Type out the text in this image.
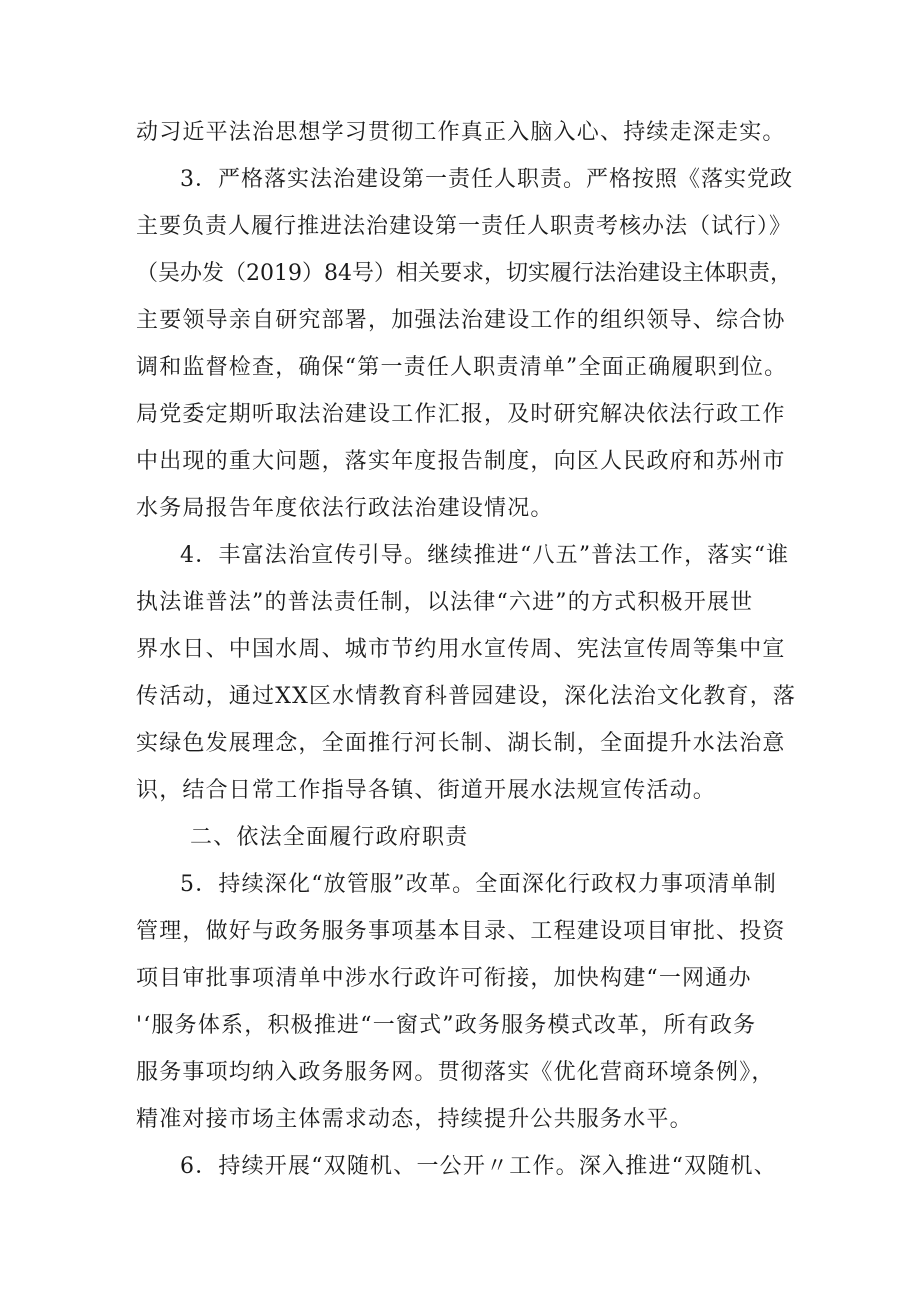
动习近平法治思想学习贯彻工作真正入脑入心、持续走深走实。
3．严格落实法治建设第一责任人职责。严格按照《落实党政
主要负责人履行推进法治建设第一责任人职责考核办法（试行）》
（吴办发（2019）84号）相关要求，切实履行法治建设主体职责，
主要领导亲自研究部署，加强法治建设工作的组织领导、综合协
调和监督检查，确保“第一责任人职责清单”全面正确履职到位。
局党委定期听取法治建设工作汇报，及时研究解决依法行政工作
中出现的重大问题，落实年度报告制度，向区人民政府和苏州市
水务局报告年度依法行政法治建设情况。
4．丰富法治宣传引导。继续推进“八五”普法工作，落实“谁
执法谁普法”的普法责任制，以法律“六进”的方式积极开展世
界水日、中国水周、城市节约用水宣传周、宪法宣传周等集中宣
传活动，通过XX区水情教育科普园建设，深化法治文化教育，落
实绿色发展理念，全面推行河长制、湖长制，全面提升水法治意
识，结合日常工作指导各镇、街道开展水法规宣传活动。
二、依法全面履行政府职责
5．持续深化“放管服”改革。全面深化行政权力事项清单制
管理，做好与政务服务事项基本目录、工程建设项目审批、投资
项目审批事项清单中涉水行政许可衔接，加快构建“一网通办
'‘服务体系，积极推进“一窗式”政务服务模式改革，所有政务
服务事项均纳入政务服务网。贯彻落实《优化营商环境条例》，
精准对接市场主体需求动态，持续提升公共服务水平。
6．持续开展“双随机、一公开〃工作。深入推进“双随机、
